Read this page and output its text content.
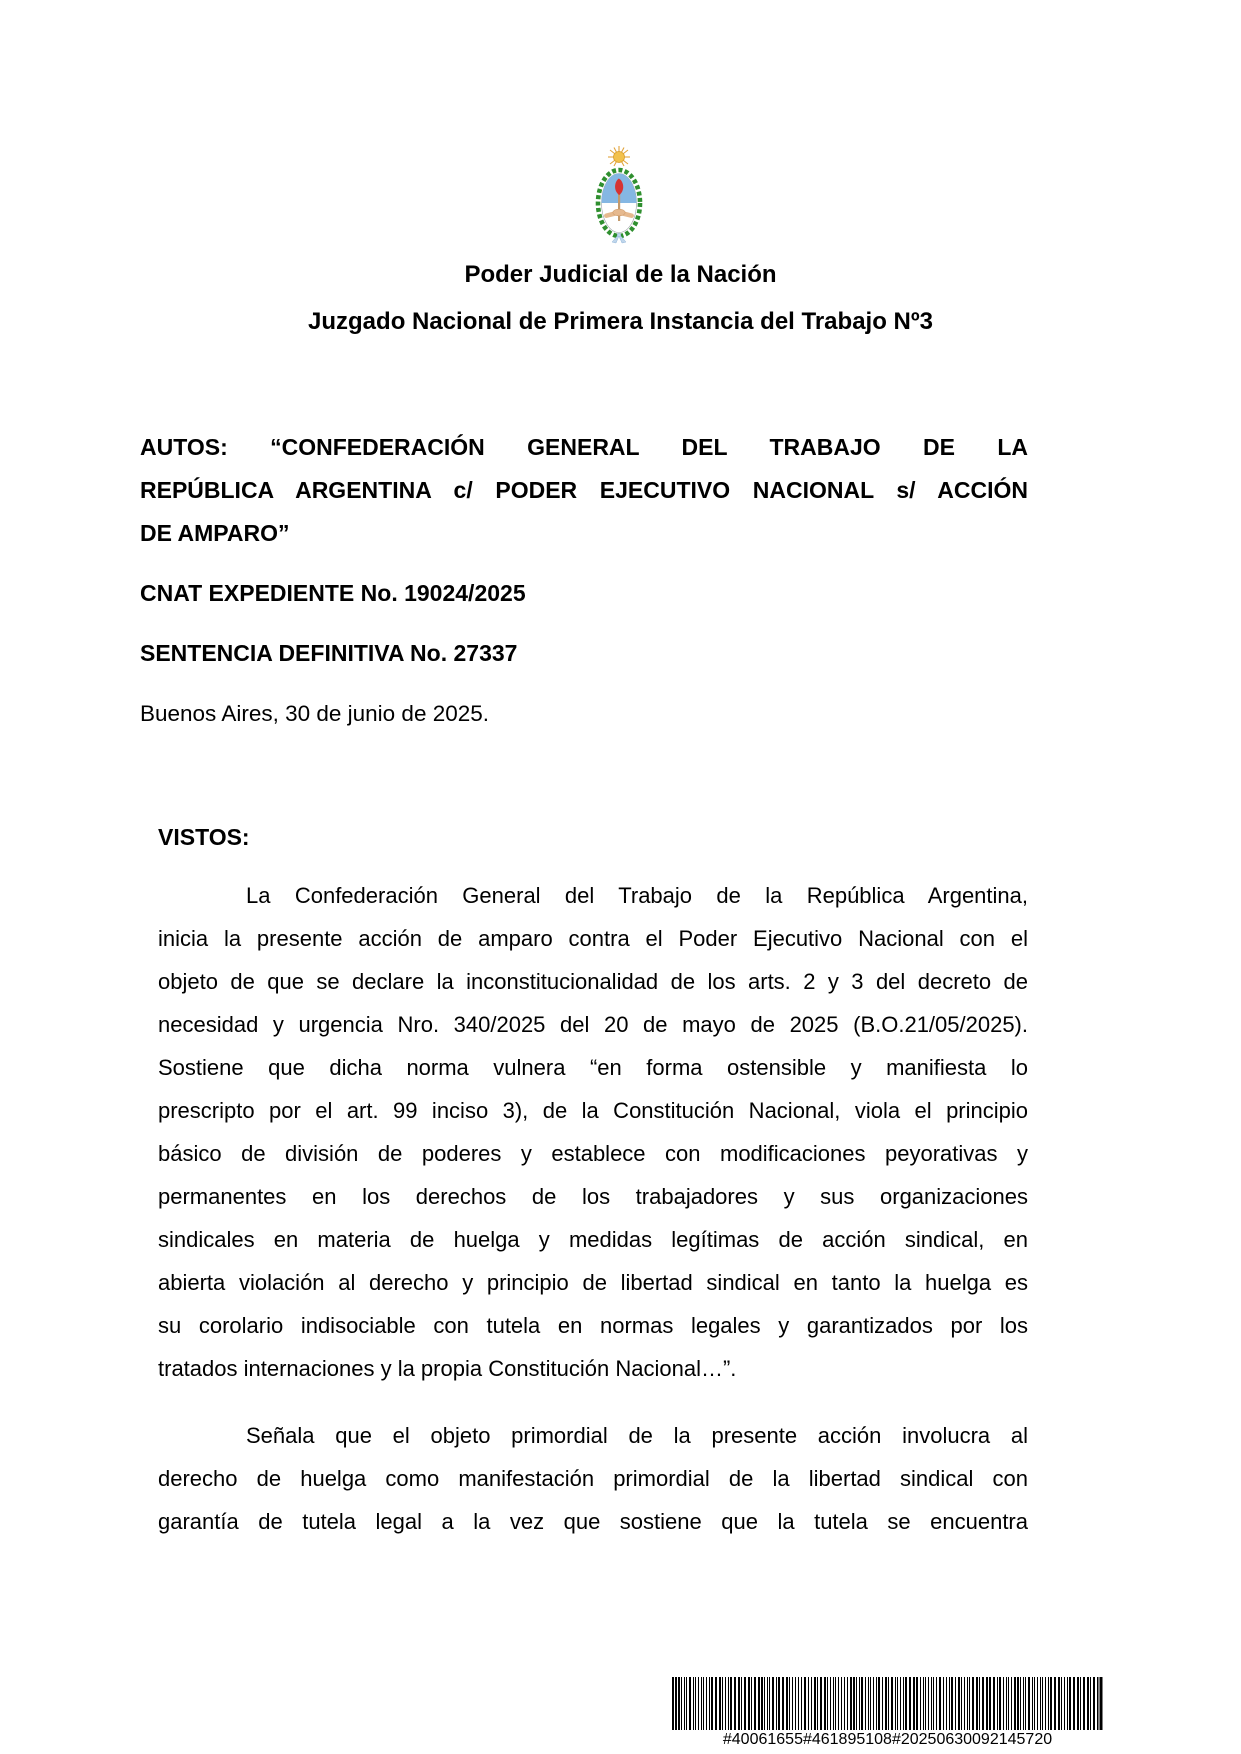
Poder Judicial de la Nación
Juzgado Nacional de Primera Instancia del Trabajo Nº3
AUTOS: “CONFEDERACIÓN GENERAL DEL TRABAJO DE LA
REPÚBLICA ARGENTINA c/ PODER EJECUTIVO NACIONAL s/ ACCIÓN
DE AMPARO”
CNAT EXPEDIENTE No. 19024/2025
SENTENCIA DEFINITIVA No. 27337
Buenos Aires, 30 de junio de 2025.
VISTOS:
La Confederación General del Trabajo de la República Argentina,
inicia la presente acción de amparo contra el Poder Ejecutivo Nacional con el
objeto de que se declare la inconstitucionalidad de los arts. 2 y 3 del decreto de
necesidad y urgencia Nro. 340/2025 del 20 de mayo de 2025 (B.O.21/05/2025).
Sostiene que dicha norma vulnera “en forma ostensible y manifiesta lo
prescripto por el art. 99 inciso 3), de la Constitución Nacional, viola el principio
básico de división de poderes y establece con modificaciones peyorativas y
permanentes en los derechos de los trabajadores y sus organizaciones
sindicales en materia de huelga y medidas legítimas de acción sindical, en
abierta violación al derecho y principio de libertad sindical en tanto la huelga es
su corolario indisociable con tutela en normas legales y garantizados por los
tratados internaciones y la propia Constitución Nacional…”.
Señala que el objeto primordial de la presente acción involucra al
derecho de huelga como manifestación primordial de la libertad sindical con
garantía de tutela legal a la vez que sostiene que la tutela se encuentra
#40061655#461895108#20250630092145720
